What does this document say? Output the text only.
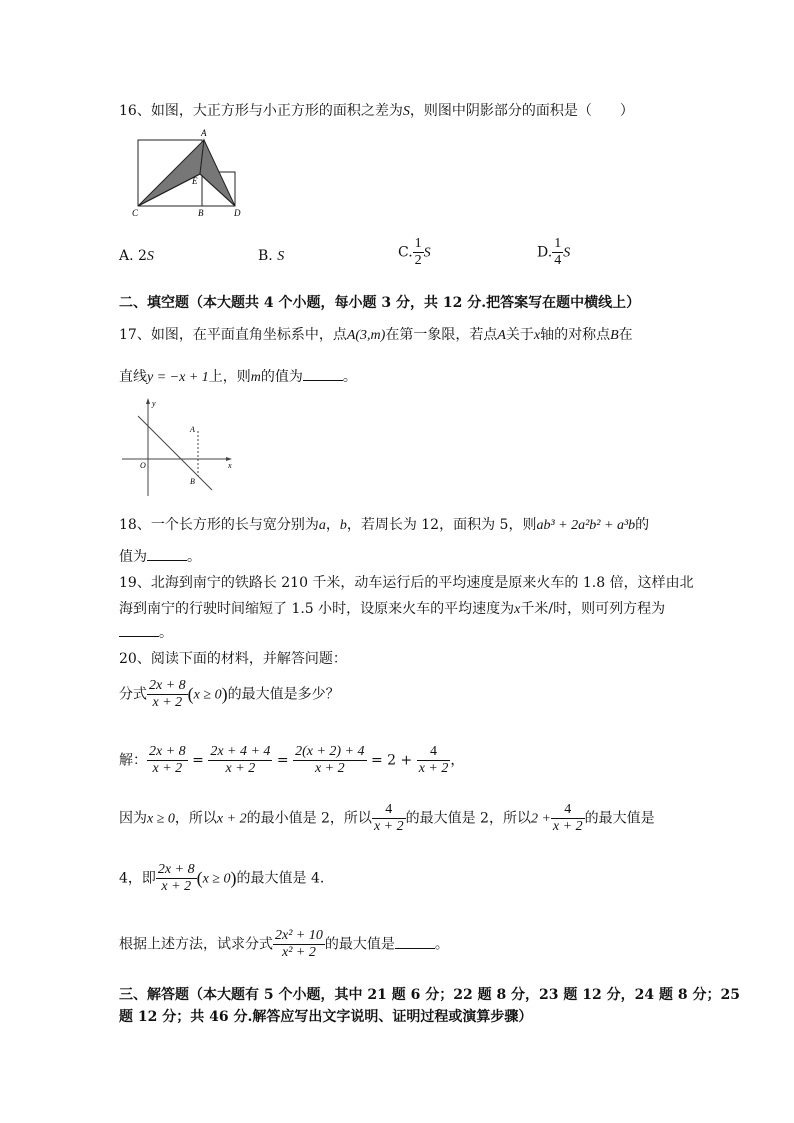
16、如图，大正方形与小正方形的面积之差为S，则图中阴影部分的面积是（　　）
A
E
C	B	D
A. 2S	B. S	C. $\frac{1}{2}$ S	D. $\frac{1}{4}$ S
二、填空题（本大题共 4 个小题，每小题 3 分，共 12 分.把答案写在题中横线上）
17、如图，在平面直角坐标系中，点A(3,m)在第一象限，若点A关于x轴的对称点B在
直线y = −x + 1上，则m的值为	。
y
x
O
A
B
18、一个长方形的长与宽分别为a，b，若周长为 12，面积为 5，则ab³ + 2a²b² + a³b的
值为	。
19、北海到南宁的铁路长 210 千米，动车运行后的平均速度是原来火车的 1.8 倍，这样由北
海到南宁的行驶时间缩短了 1.5 小时，设原来火车的平均速度为x千米/时，则可列方程为
。
20、阅读下面的材料，并解答问题：
分式 $\frac{2x + 8}{x + 2} (x \ge 0)$的最大值是多少？
解： $\frac{2x + 8}{x + 2} = \frac{2x + 4 + 4}{x + 2} = \frac{2(x + 2) + 4}{x + 2} = 2 + \frac{4}{x + 2}$ ，
因为x ≥ 0，所以x + 2的最小值是 2，所以 $\frac{4}{x + 2}$ 的最大值是 2，所以$2 + \frac{4}{x + 2}$ 的最大值是
4，即 $\frac{2x + 8}{x + 2} (x \ge 0)$的最大值是 4.
根据上述方法，试求分式 $\frac{\text{2x² + 10}}{\text{x² + 2}}$ 的最大值是	。
三、解答题（本大题有 5 个小题，其中 21 题 6 分；22 题 8 分，23 题 12 分，24 题 8 分；25
题 12 分；共 46 分.解答应写出文字说明、证明过程或演算步骤）
